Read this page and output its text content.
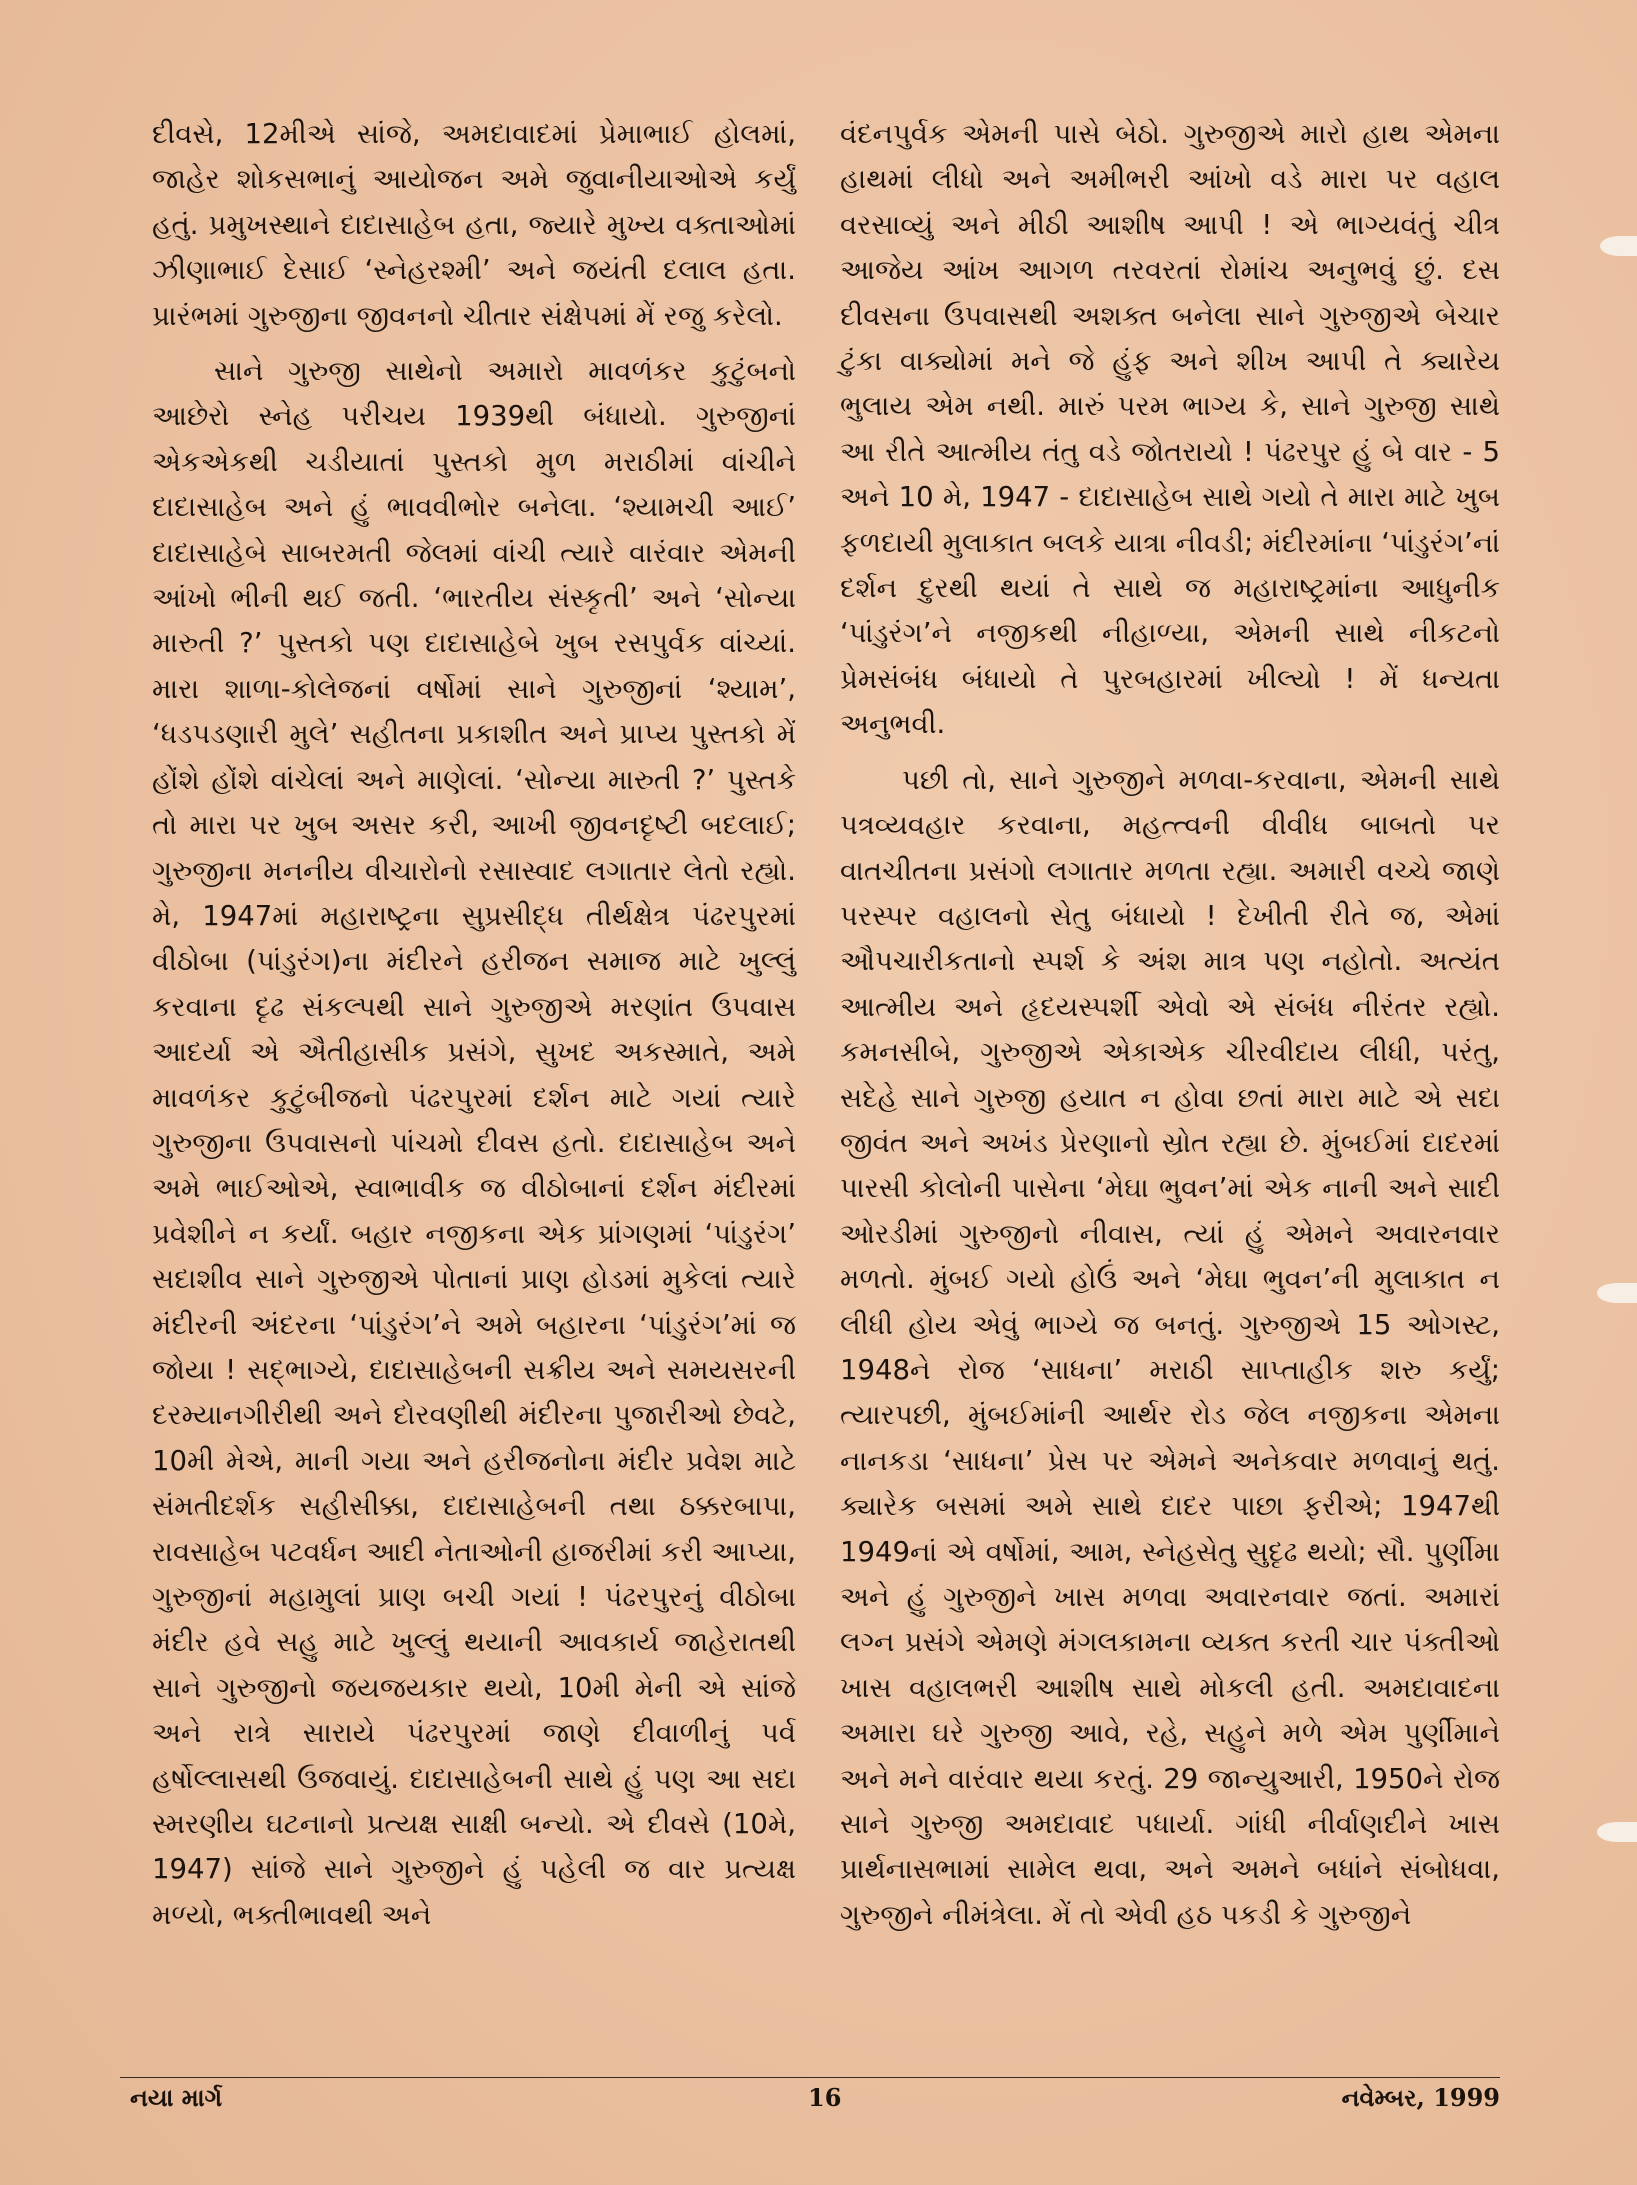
દીવસે, 12મીએ સાંજે, અમદાવાદમાં પ્રેમાભાઈ હોલમાં, જાહેર શોકસભાનું આયોજન અમે જુવાનીયાઓએ કર્યું હતું. પ્રમુખસ્થાને દાદાસાહેબ હતા, જ્યારે મુખ્ય વક્તાઓમાં ઝીણાભાઈ દેસાઈ ‘સ્નેહરશ્મી’ અને જયંતી દલાલ હતા. પ્રારંભમાં ગુરુજીના જીવનનો ચીતાર સંક્ષેપમાં મેં રજુ કરેલો.

સાને ગુરુજી સાથેનો અમારો માવળંકર કુટુંબનો આછેરો સ્નેહ પરીચય 1939થી બંધાયો. ગુરુજીનાં એકએકથી ચડીયાતાં પુસ્તકો મુળ મરાઠીમાં વાંચીને દાદાસાહેબ અને હું ભાવવીભોર બનેલા. ‘શ્યામચી આઈ’ દાદાસાહેબે સાબરમતી જેલમાં વાંચી ત્યારે વારંવાર એમની આંખો ભીની થઈ જતી. ‘ભારતીય સંસ્કૃતી’ અને ‘સોન્યા મારુતી ?’ પુસ્તકો પણ દાદાસાહેબે ખુબ રસપુર્વક વાંચ્યાં. મારા શાળા-કોલેજનાં વર્ષોમાં સાને ગુરુજીનાં ‘શ્યામ’, ‘ધડપડણારી મુલે’ સહીતના પ્રકાશીત અને પ્રાપ્ય પુસ્તકો મેં હોંશે હોંશે વાંચેલાં અને માણેલાં. ‘સોન્યા મારુતી ?’ પુસ્તકે તો મારા પર ખુબ અસર કરી, આખી જીવનદૃષ્ટી બદલાઈ; ગુરુજીના મનનીય વીચારોનો રસાસ્વાદ લગાતાર લેતો રહ્યો. મે, 1947માં મહારાષ્ટ્રના સુપ્રસીદ્ધ તીર્થક્ષેત્ર પંઢરપુરમાં વીઠોબા (પાંડુરંગ)ના મંદીરને હરીજન સમાજ માટે ખુલ્લું કરવાના દૃઢ સંકલ્પથી સાને ગુરુજીએ મરણાંત ઉપવાસ આદર્યા એ ઐતીહાસીક પ્રસંગે, સુખદ અકસ્માતે, અમે માવળંકર કુટુંબીજનો પંઢરપુરમાં દર્શન માટે ગયાં ત્યારે ગુરુજીના ઉપવાસનો પાંચમો દીવસ હતો. દાદાસાહેબ અને અમે ભાઈઓએ, સ્વાભાવીક જ વીઠોબાનાં દર્શન મંદીરમાં પ્રવેશીને ન કર્યાં. બહાર નજીકના એક પ્રાંગણમાં ‘પાંડુરંગ’ સદાશીવ સાને ગુરુજીએ પોતાનાં પ્રાણ હોડમાં મુકેલાં ત્યારે મંદીરની અંદરના ‘પાંડુરંગ’ને અમે બહારના ‘પાંડુરંગ’માં જ જોયા ! સદ્ભાગ્યે, દાદાસાહેબની સક્રીય અને સમયસરની દરમ્યાનગીરીથી અને દોરવણીથી મંદીરના પુજારીઓ છેવટે, 10મી મેએ, માની ગયા અને હરીજનોના મંદીર પ્રવેશ માટે સંમતીદર્શક સહીસીક્કા, દાદાસાહેબની તથા ઠક્કરબાપા, રાવસાહેબ પટવર્ધન આદી નેતાઓની હાજરીમાં કરી આપ્યા, ગુરુજીનાં મહામુલાં પ્રાણ બચી ગયાં ! પંઢરપુરનું વીઠોબા મંદીર હવે સહુ માટે ખુલ્લું થયાની આવકાર્ય જાહેરાતથી સાને ગુરુજીનો જયજયકાર થયો, 10મી મેની એ સાંજે અને રાત્રે સારાયે પંઢરપુરમાં જાણે દીવાળીનું પર્વ હર્ષોલ્લાસથી ઉજવાયું. દાદાસાહેબની સાથે હું પણ આ સદા સ્મરણીય ઘટનાનો પ્રત્યક્ષ સાક્ષી બન્યો. એ દીવસે (10મે, 1947) સાંજે સાને ગુરુજીને હું પહેલી જ વાર પ્રત્યક્ષ મળ્યો, ભક્તીભાવથી અને

વંદનપુર્વક એમની પાસે બેઠો. ગુરુજીએ મારો હાથ એમના હાથમાં લીધો અને અમીભરી આંખો વડે મારા પર વહાલ વરસાવ્યું અને મીઠી આશીષ આપી ! એ ભાગ્યવંતું ચીત્ર આજેય આંખ આગળ તરવરતાં રોમાંચ અનુભવું છું. દસ દીવસના ઉપવાસથી અશક્ત બનેલા સાને ગુરુજીએ બેચાર ટુંકા વાક્યોમાં મને જે હુંફ અને શીખ આપી તે ક્યારેય ભુલાય એમ નથી. મારું પરમ ભાગ્ય કે, સાને ગુરુજી સાથે આ રીતે આત્મીય તંતુ વડે જોતરાયો ! પંઢરપુર હું બે વાર - 5 અને 10 મે, 1947 - દાદાસાહેબ સાથે ગયો તે મારા માટે ખુબ ફળદાયી મુલાકાત બલકે યાત્રા નીવડી; મંદીરમાંના ‘પાંડુરંગ’નાં દર્શન દુરથી થયાં તે સાથે જ મહારાષ્ટ્રમાંના આધુનીક ‘પાંડુરંગ’ને નજીકથી નીહાળ્યા, એમની સાથે નીકટનો પ્રેમસંબંધ બંધાયો તે પુરબહારમાં ખીલ્યો ! મેં ધન્યતા અનુભવી.

પછી તો, સાને ગુરુજીને મળવા-કરવાના, એમની સાથે પત્રવ્યવહાર કરવાના, મહત્ત્વની વીવીધ બાબતો પર વાતચીતના પ્રસંગો લગાતાર મળતા રહ્યા. અમારી વચ્ચે જાણે પરસ્પર વહાલનો સેતુ બંધાયો ! દેખીતી રીતે જ, એમાં ઔપચારીકતાનો સ્પર્શ કે અંશ માત્ર પણ નહોતો. અત્યંત આત્મીય અને હૃદયસ્પર્શી એવો એ સંબંધ નીરંતર રહ્યો. કમનસીબે, ગુરુજીએ એકાએક ચીરવીદાય લીધી, પરંતુ, સદેહે સાને ગુરુજી હયાત ન હોવા છતાં મારા માટે એ સદા જીવંત અને અખંડ પ્રેરણાનો સ્રોત રહ્યા છે. મુંબઈમાં દાદરમાં પારસી કોલોની પાસેના ‘મેઘા ભુવન’માં એક નાની અને સાદી ઓરડીમાં ગુરુજીનો નીવાસ, ત્યાં હું એમને અવારનવાર મળતો. મુંબઈ ગયો હોઉં અને ‘મેઘા ભુવન’ની મુલાકાત ન લીધી હોય એવું ભાગ્યે જ બનતું. ગુરુજીએ 15 ઓગસ્ટ, 1948ને રોજ ‘સાધના’ મરાઠી સાપ્તાહીક શરુ કર્યું; ત્યારપછી, મુંબઈમાંની આર્થર રોડ જેલ નજીકના એમના નાનકડા ‘સાધના’ પ્રેસ પર એમને અનેકવાર મળવાનું થતું. ક્યારેક બસમાં અમે સાથે દાદર પાછા ફરીએ; 1947થી 1949નાં એ વર્ષોમાં, આમ, સ્નેહસેતુ સુદૃઢ થયો; સૌ. પુર્ણીમા અને હું ગુરુજીને ખાસ મળવા અવારનવાર જતાં. અમારાં લગ્ન પ્રસંગે એમણે મંગલકામના વ્યક્ત કરતી ચાર પંક્તીઓ ખાસ વહાલભરી આશીષ સાથે મોકલી હતી. અમદાવાદના અમારા ઘરે ગુરુજી આવે, રહે, સહુને મળે એમ પુર્ણીમાને અને મને વારંવાર થયા કરતું. 29 જાન્યુઆરી, 1950ને રોજ સાને ગુરુજી અમદાવાદ પધાર્યા. ગાંધી નીર્વાણદીને ખાસ પ્રાર્થનાસભામાં સામેલ થવા, અને અમને બધાંને સંબોધવા, ગુરુજીને નીમંત્રેલા. મેં તો એવી હઠ પકડી કે ગુરુજીને

નયા માર્ગ	16	નવેમ્બર, 1999
